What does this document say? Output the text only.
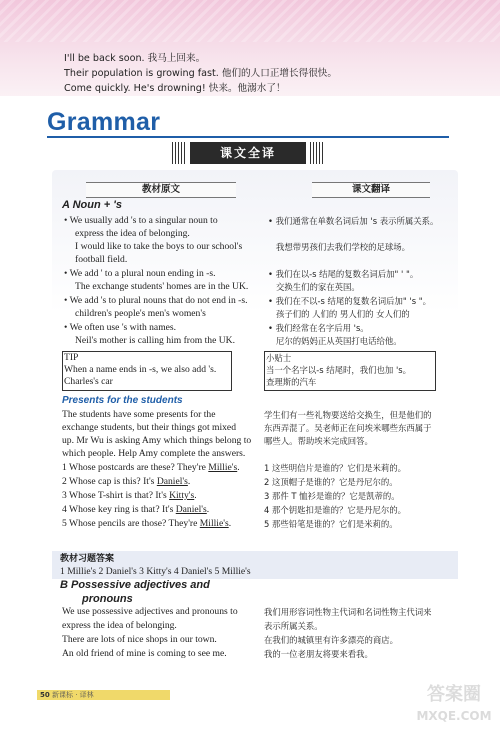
I'll be back soon. 我马上回来。
Their population is growing fast. 他们的人口正增长得很快。
Come quickly. He's drowning! 快来。他溺水了！
Grammar
课文全译
教材原文	课文翻译
A Noun + 's
• We usually add 's to a singular noun to
express the idea of belonging.
I would like to take the boys to our school's
football field.
• We add ' to a plural noun ending in -s.
The exchange students' homes are in the UK.
• We add 's to plural nouns that do not end in -s.
children's people's men's women's
• We often use 's with names.
Neil's mother is calling him from the UK.
TIP
When a name ends in -s, we also add 's.
Charles's car
• 我们通常在单数名词后加 's 表示所属关系。
我想带男孩们去我们学校的足球场。
• 我们在以-s 结尾的复数名词后加" ' "。
交换生们的家在英国。
• 我们在不以-s 结尾的复数名词后加" 's "。
孩子们的 人们的 男人们的 女人们的
• 我们经常在名字后用 's。
尼尔的妈妈正从英国打电话给他。
小贴士
当一个名字以-s 结尾时，我们也加 's。
查理斯的汽车
Presents for the students
The students have some presents for the
exchange students, but their things got mixed
up. Mr Wu is asking Amy which things belong to
which people. Help Amy complete the answers.
1 Whose postcards are these? They're Millie's.
2 Whose cap is this? It's Daniel's.
3 Whose T-shirt is that? It's Kitty's.
4 Whose key ring is that? It's Daniel's.
5 Whose pencils are those? They're Millie's.
学生们有一些礼物要送给交换生，但是他们的
东西弄混了。吴老师正在问埃米哪些东西属于
哪些人。帮助埃米完成回答。
1 这些明信片是谁的？它们是米莉的。
2 这顶帽子是谁的？它是丹尼尔的。
3 那件 T 恤衫是谁的？它是凯蒂的。
4 那个钥匙扣是谁的？它是丹尼尔的。
5 那些铅笔是谁的？它们是米莉的。
教材习题答案
1 Millie's 2 Daniel's 3 Kitty's 4 Daniel's 5 Millie's
B Possessive adjectives and
pronouns
We use possessive adjectives and pronouns to
express the idea of belonging.
There are lots of nice shops in our town.
An old friend of mine is coming to see me.
我们用形容词性物主代词和名词性物主代词来
表示所属关系。
在我们的城镇里有许多漂亮的商店。
我的一位老朋友将要来看我。
50 新课标 · 译林	答案圈
MXQE.COM
